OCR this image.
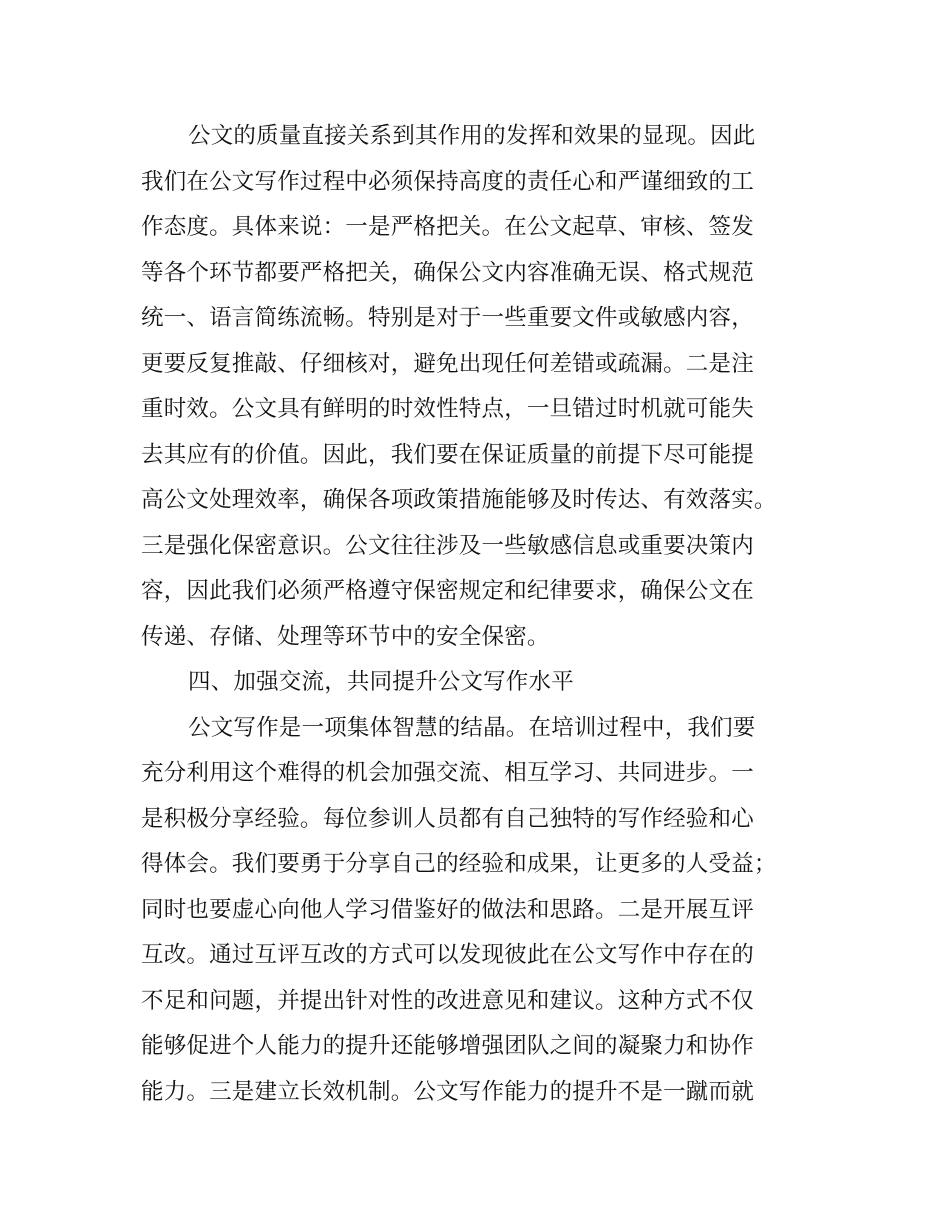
公文的质量直接关系到其作用的发挥和效果的显现。因此
我们在公文写作过程中必须保持高度的责任心和严谨细致的工
作态度。具体来说：一是严格把关。在公文起草、审核、签发
等各个环节都要严格把关，确保公文内容准确无误、格式规范
统一、语言简练流畅。特别是对于一些重要文件或敏感内容，
更要反复推敲、仔细核对，避免出现任何差错或疏漏。二是注
重时效。公文具有鲜明的时效性特点，一旦错过时机就可能失
去其应有的价值。因此，我们要在保证质量的前提下尽可能提
高公文处理效率，确保各项政策措施能够及时传达、有效落实。
三是强化保密意识。公文往往涉及一些敏感信息或重要决策内
容，因此我们必须严格遵守保密规定和纪律要求，确保公文在
传递、存储、处理等环节中的安全保密。
四、加强交流，共同提升公文写作水平
公文写作是一项集体智慧的结晶。在培训过程中，我们要
充分利用这个难得的机会加强交流、相互学习、共同进步。一
是积极分享经验。每位参训人员都有自己独特的写作经验和心
得体会。我们要勇于分享自己的经验和成果，让更多的人受益；
同时也要虚心向他人学习借鉴好的做法和思路。二是开展互评
互改。通过互评互改的方式可以发现彼此在公文写作中存在的
不足和问题，并提出针对性的改进意见和建议。这种方式不仅
能够促进个人能力的提升还能够增强团队之间的凝聚力和协作
能力。三是建立长效机制。公文写作能力的提升不是一蹴而就
